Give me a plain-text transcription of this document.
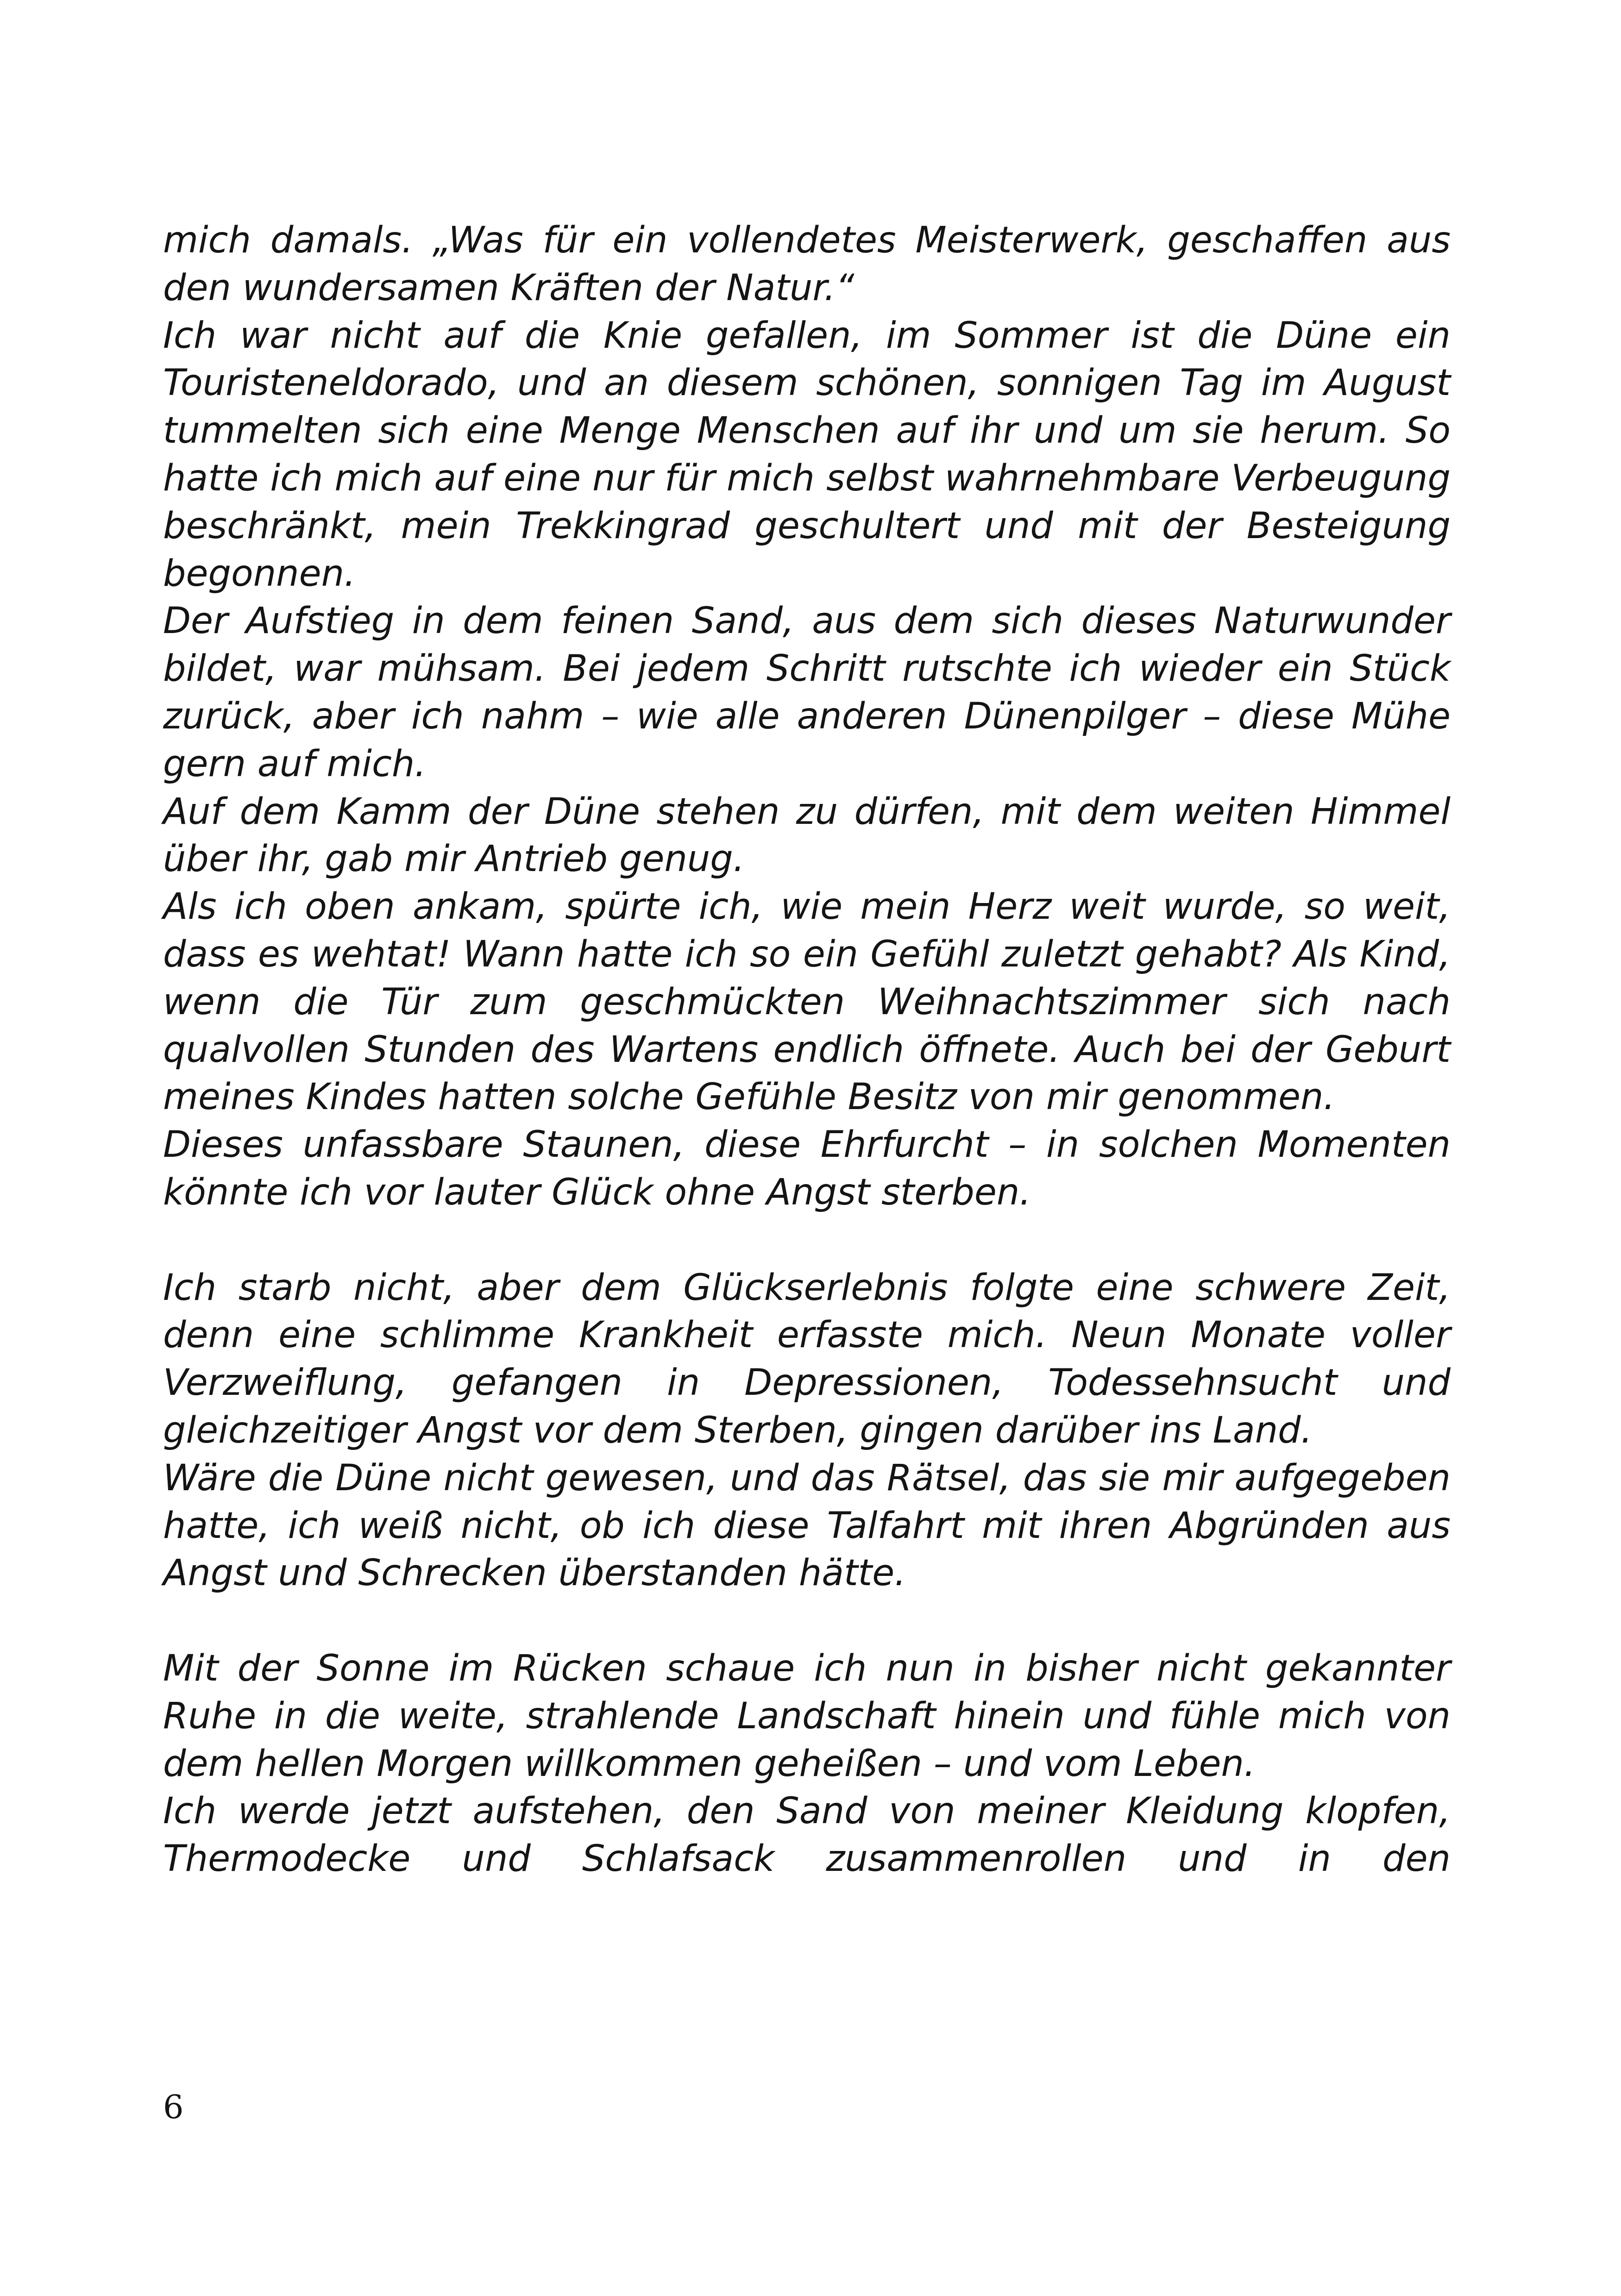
mich damals. „Was für ein vollendetes Meisterwerk, geschaffen aus den wundersamen Kräften der Natur.“

Ich war nicht auf die Knie gefallen, im Sommer ist die Düne ein Touristeneldorado, und an diesem schönen, sonnigen Tag im August tummelten sich eine Menge Menschen auf ihr und um sie herum. So hatte ich mich auf eine nur für mich selbst wahrnehmbare Verbeugung beschränkt, mein Trekkingrad geschultert und mit der Besteigung begonnen.

Der Aufstieg in dem feinen Sand, aus dem sich dieses Naturwunder bildet, war mühsam. Bei jedem Schritt rutschte ich wieder ein Stück zurück, aber ich nahm – wie alle anderen Dünenpilger – diese Mühe gern auf mich.

Auf dem Kamm der Düne stehen zu dürfen, mit dem weiten Himmel über ihr, gab mir Antrieb genug.

Als ich oben ankam, spürte ich, wie mein Herz weit wurde, so weit, dass es wehtat! Wann hatte ich so ein Gefühl zuletzt gehabt? Als Kind, wenn die Tür zum geschmückten Weihnachtszimmer sich nach qualvollen Stunden des Wartens endlich öffnete. Auch bei der Geburt meines Kindes hatten solche Gefühle Besitz von mir genommen.

Dieses unfassbare Staunen, diese Ehrfurcht – in solchen Momenten könnte ich vor lauter Glück ohne Angst sterben.

Ich starb nicht, aber dem Glückserlebnis folgte eine schwere Zeit, denn eine schlimme Krankheit erfasste mich. Neun Monate voller Verzweiflung, gefangen in Depressionen, Todessehnsucht und gleichzeitiger Angst vor dem Sterben, gingen darüber ins Land.

Wäre die Düne nicht gewesen, und das Rätsel, das sie mir aufgegeben hatte, ich weiß nicht, ob ich diese Talfahrt mit ihren Abgründen aus Angst und Schrecken überstanden hätte.

Mit der Sonne im Rücken schaue ich nun in bisher nicht gekannter Ruhe in die weite, strahlende Landschaft hinein und fühle mich von dem hellen Morgen willkommen geheißen – und vom Leben.

Ich werde jetzt aufstehen, den Sand von meiner Kleidung klopfen, Thermodecke und Schlafsack zusammenrollen und in den

6
